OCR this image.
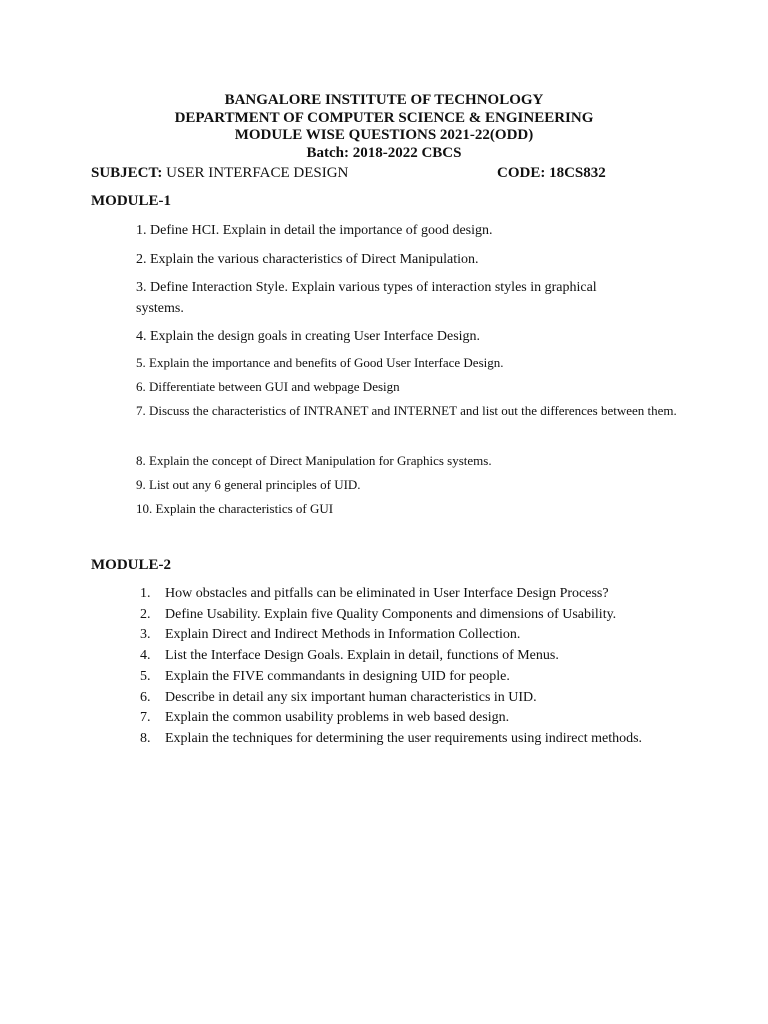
BANGALORE INSTITUTE OF TECHNOLOGY
DEPARTMENT OF COMPUTER SCIENCE & ENGINEERING
MODULE WISE QUESTIONS 2021-22(ODD)
Batch: 2018-2022 CBCS
SUBJECT: USER INTERFACE DESIGN	CODE: 18CS832
MODULE-1
1. Define HCI. Explain in detail the importance of good design.
2. Explain the various characteristics of Direct Manipulation.
3. Define Interaction Style. Explain various types of interaction styles in graphical systems.
4. Explain the design goals in creating User Interface Design.
5. Explain the importance and benefits of Good User Interface Design.
6. Differentiate between GUI and webpage Design
7. Discuss the characteristics of INTRANET and INTERNET and list out the differences between them.
8. Explain the concept of Direct Manipulation for Graphics systems.
9. List out any 6 general principles of UID.
10. Explain the characteristics of GUI
MODULE-2
1. How obstacles and pitfalls can be eliminated in User Interface Design Process?
2. Define Usability. Explain five Quality Components and dimensions of Usability.
3. Explain Direct and Indirect Methods in Information Collection.
4. List the Interface Design Goals. Explain in detail, functions of Menus.
5. Explain the FIVE commandants in designing UID for people.
6. Describe in detail any six important human characteristics in UID.
7. Explain the common usability problems in web based design.
8. Explain the techniques for determining the user requirements using indirect methods.
